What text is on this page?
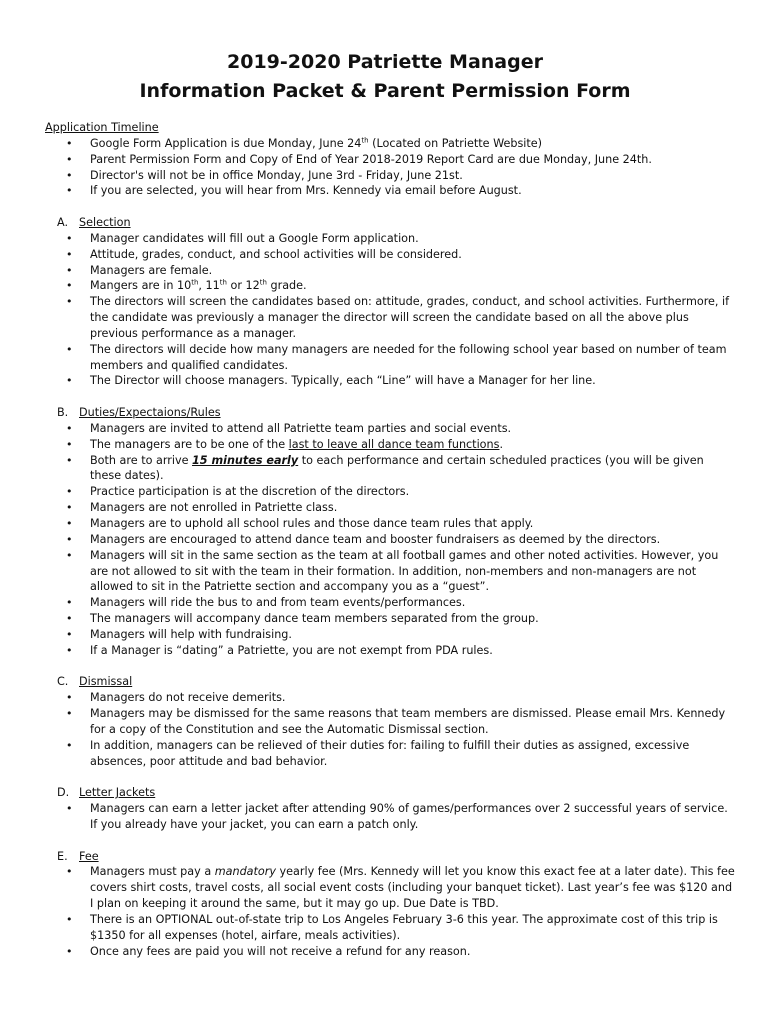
2019-2020 Patriette Manager
Information Packet & Parent Permission Form

Application Timeline

• Google Form Application is due Monday, June 24th (Located on Patriette Website)
• Parent Permission Form and Copy of End of Year 2018-2019 Report Card are due Monday, June 24th.
• Director's will not be in office Monday, June 3rd - Friday, June 21st.
• If you are selected, you will hear from Mrs. Kennedy via email before August.

A. Selection

• Manager candidates will fill out a Google Form application.
• Attitude, grades, conduct, and school activities will be considered.
• Managers are female.
• Mangers are in 10th, 11th or 12th grade.
• The directors will screen the candidates based on: attitude, grades, conduct, and school activities. Furthermore, if the candidate was previously a manager the director will screen the candidate based on all the above plus previous performance as a manager.
• The directors will decide how many managers are needed for the following school year based on number of team members and qualified candidates.
• The Director will choose managers. Typically, each “Line” will have a Manager for her line.

B. Duties/Expectaions/Rules

• Managers are invited to attend all Patriette team parties and social events.
• The managers are to be one of the last to leave all dance team functions.
• Both are to arrive 15 minutes early to each performance and certain scheduled practices (you will be given these dates).
• Practice participation is at the discretion of the directors.
• Managers are not enrolled in Patriette class.
• Managers are to uphold all school rules and those dance team rules that apply.
• Managers are encouraged to attend dance team and booster fundraisers as deemed by the directors.
• Managers will sit in the same section as the team at all football games and other noted activities. However, you are not allowed to sit with the team in their formation. In addition, non-members and non-managers are not allowed to sit in the Patriette section and accompany you as a “guest”.
• Managers will ride the bus to and from team events/performances.
• The managers will accompany dance team members separated from the group.
• Managers will help with fundraising.
• If a Manager is “dating” a Patriette, you are not exempt from PDA rules.

C. Dismissal

• Managers do not receive demerits.
• Managers may be dismissed for the same reasons that team members are dismissed. Please email Mrs. Kennedy for a copy of the Constitution and see the Automatic Dismissal section.
• In addition, managers can be relieved of their duties for: failing to fulfill their duties as assigned, excessive absences, poor attitude and bad behavior.

D. Letter Jackets

• Managers can earn a letter jacket after attending 90% of games/performances over 2 successful years of service. If you already have your jacket, you can earn a patch only.

E. Fee

• Managers must pay a mandatory yearly fee (Mrs. Kennedy will let you know this exact fee at a later date). This fee covers shirt costs, travel costs, all social event costs (including your banquet ticket). Last year’s fee was $120 and I plan on keeping it around the same, but it may go up. Due Date is TBD.
• There is an OPTIONAL out-of-state trip to Los Angeles February 3-6 this year. The approximate cost of this trip is $1350 for all expenses (hotel, airfare, meals activities).
• Once any fees are paid you will not receive a refund for any reason.
